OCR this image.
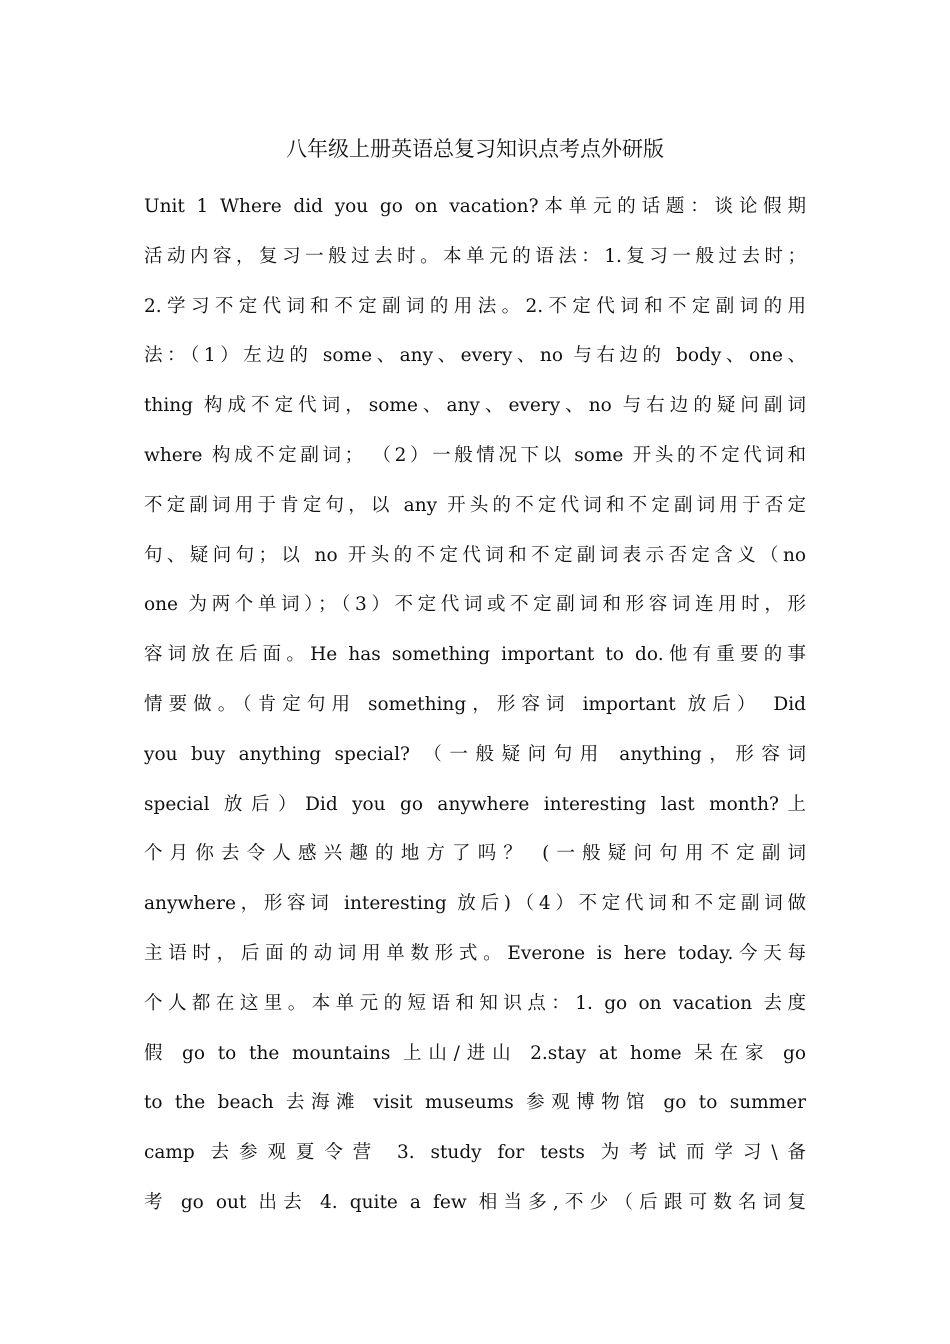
八年级上册英语总复习知识点考点外研版
Unit 1 Where did you go on vacation?本单元的话题：谈论假期
活动内容，复习一般过去时。本单元的语法：1.复习一般过去时；
2.学习不定代词和不定副词的用法。2.不定代词和不定副词的用
法：（1）左边的 some、any、every、no 与右边的 body、one、
thing 构成不定代词，some、any、every、no 与右边的疑问副词
where 构成不定副词； （2）一般情况下以 some 开头的不定代词和
不定副词用于肯定句，以 any 开头的不定代词和不定副词用于否定
句、疑问句；以 no 开头的不定代词和不定副词表示否定含义（no
one 为两个单词）；（3）不定代词或不定副词和形容词连用时，形
容词放在后面。He has something important to do.他有重要的事
情要做。（肯定句用 something，形容词 important 放后） Did
you buy anything special? （一般疑问句用 anything，形容词
special 放后）Did you go anywhere interesting last month?上
个月你去令人感兴趣的地方了吗？ (一般疑问句用不定副词
anywhere，形容词 interesting 放后)（4）不定代词和不定副词做
主语时，后面的动词用单数形式。Everone is here today.今天每
个人都在这里。本单元的短语和知识点：1. go on vacation 去度
假 go to the mountains 上山/进山 2.stay at home 呆在家 go
to the beach 去海滩 visit museums 参观博物馆 go to summer
camp 去参观夏令营 3. study for tests 为考试而学习\备
考 go out 出去 4. quite a few 相当多,不少（后跟可数名词复
